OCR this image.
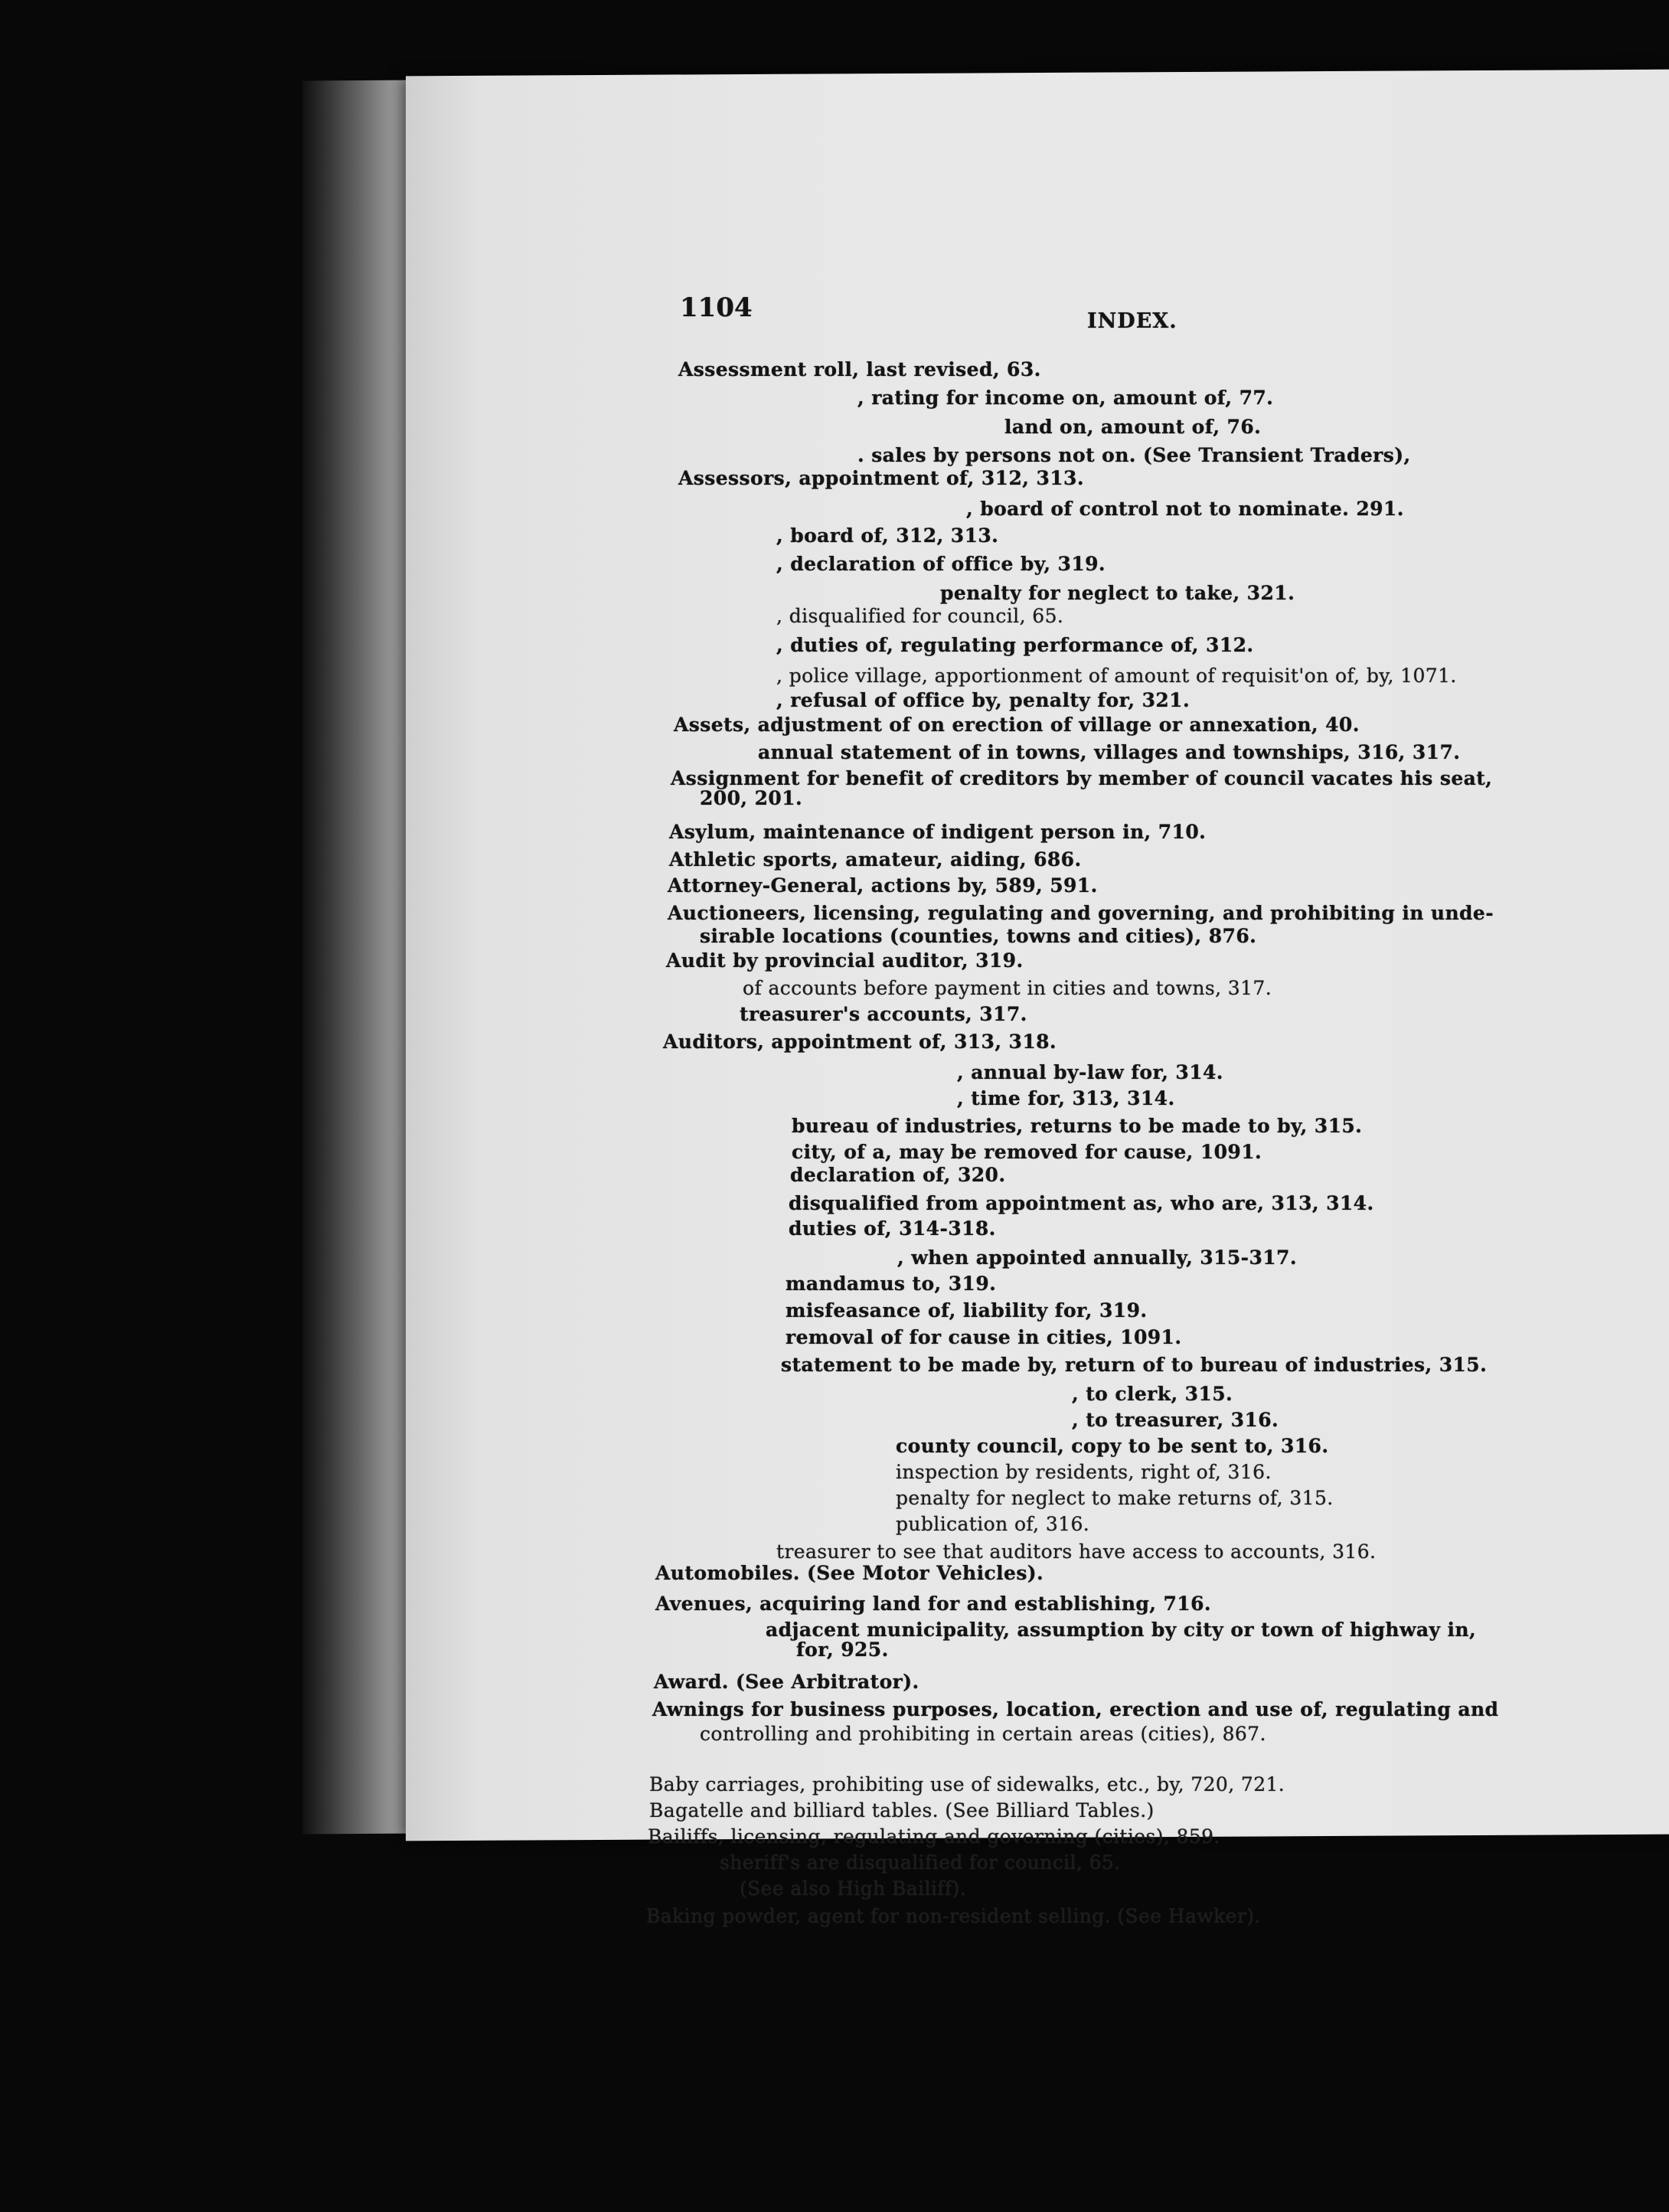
1104	INDEX.
Assessment roll, last revised, 63.
, rating for income on, amount of, 77.
land on, amount of, 76.
. sales by persons not on. (See Transient Traders),
Assessors, appointment of, 312, 313.
, board of control not to nominate. 291.
, board of, 312, 313.
, declaration of office by, 319.
penalty for neglect to take, 321.
, disqualified for council, 65.
, duties of, regulating performance of, 312.
, police village, apportionment of amount of requisit'on of, by, 1071.
, refusal of office by, penalty for, 321.
Assets, adjustment of on erection of village or annexation, 40.
annual statement of in towns, villages and townships, 316, 317.
Assignment for benefit of creditors by member of council vacates his seat,
200, 201.
Asylum, maintenance of indigent person in, 710.
Athletic sports, amateur, aiding, 686.
Attorney-General, actions by, 589, 591.
Auctioneers, licensing, regulating and governing, and prohibiting in unde-
sirable locations (counties, towns and cities), 876.
Audit by provincial auditor, 319.
of accounts before payment in cities and towns, 317.
treasurer's accounts, 317.
Auditors, appointment of, 313, 318.
, annual by-law for, 314.
, time for, 313, 314.
bureau of industries, returns to be made to by, 315.
city, of a, may be removed for cause, 1091.
declaration of, 320.
disqualified from appointment as, who are, 313, 314.
duties of, 314-318.
, when appointed annually, 315-317.
mandamus to, 319.
misfeasance of, liability for, 319.
removal of for cause in cities, 1091.
statement to be made by, return of to bureau of industries, 315.
, to clerk, 315.
, to treasurer, 316.
county council, copy to be sent to, 316.
inspection by residents, right of, 316.
penalty for neglect to make returns of, 315.
publication of, 316.
treasurer to see that auditors have access to accounts, 316.
Automobiles. (See Motor Vehicles).
Avenues, acquiring land for and establishing, 716.
adjacent municipality, assumption by city or town of highway in,
for, 925.
Award. (See Arbitrator).
Awnings for business purposes, location, erection and use of, regulating and
controlling and prohibiting in certain areas (cities), 867.
Baby carriages, prohibiting use of sidewalks, etc., by, 720, 721.
Bagatelle and billiard tables. (See Billiard Tables.)
Bailiffs, licensing, regulating and governing (cities), 859.
sheriff's are disqualified for council, 65.
(See also High Bailiff).
Baking powder, agent for non-resident selling. (See Hawker).
